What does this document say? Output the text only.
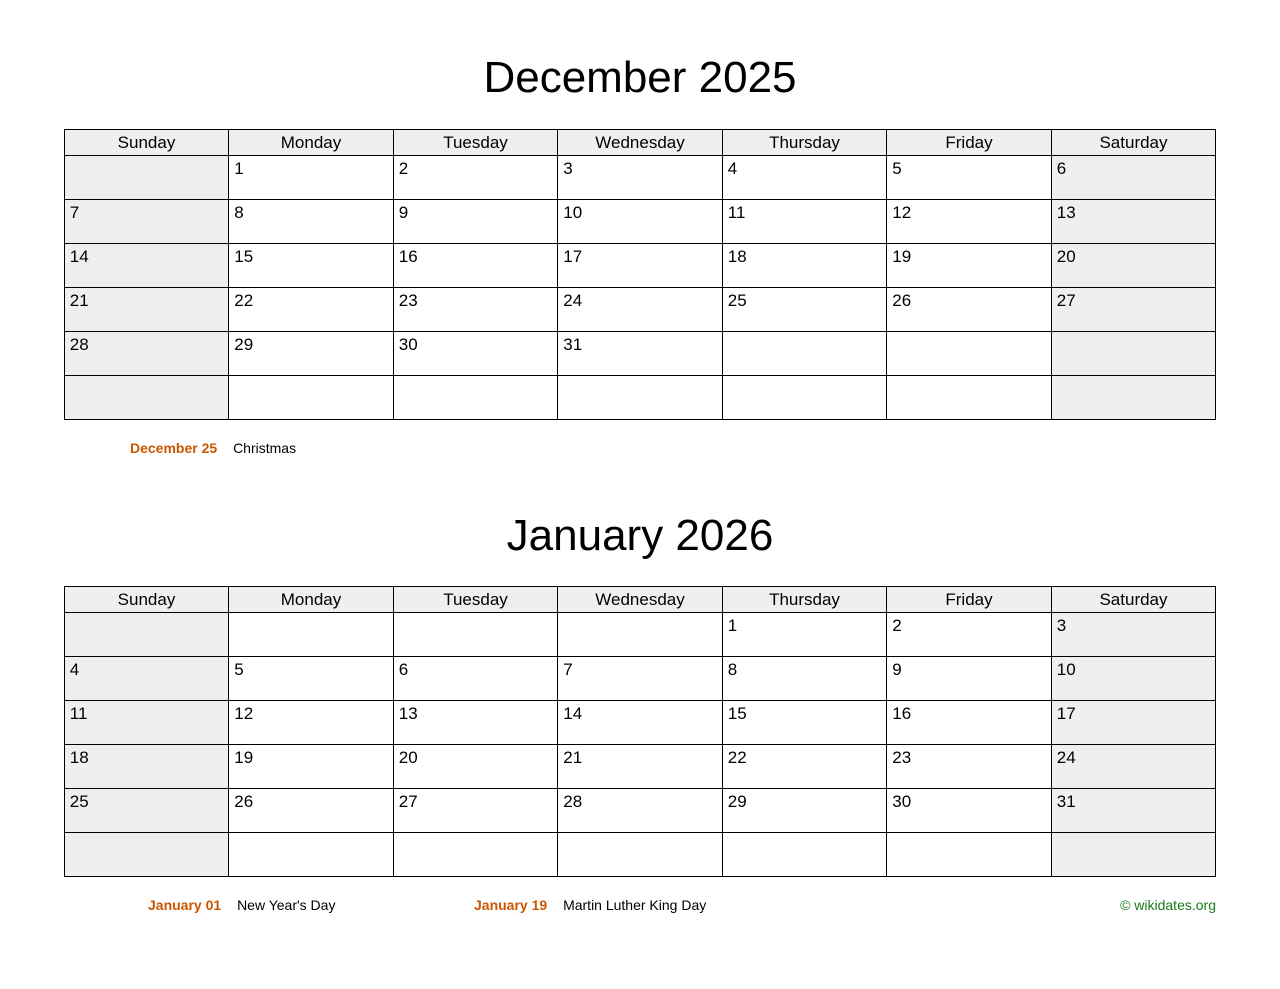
December 2025
Sunday	Monday	Tuesday	Wednesday	Thursday	Friday	Saturday

	1	2	3	4	5	6

7	8	9	10	11	12	13

14	15	16	17	18	19	20

21	22	23	24	25	26	27

28	29	30	31			

December 25 Christmas
January 2026
Sunday	Monday	Tuesday	Wednesday	Thursday	Friday	Saturday

				1	2	3

4	5	6	7	8	9	10

11	12	13	14	15	16	17

18	19	20	21	22	23	24

25	26	27	28	29	30	31

January 01 New Year's Day	January 19 Martin Luther King Day	© wikidates.org
